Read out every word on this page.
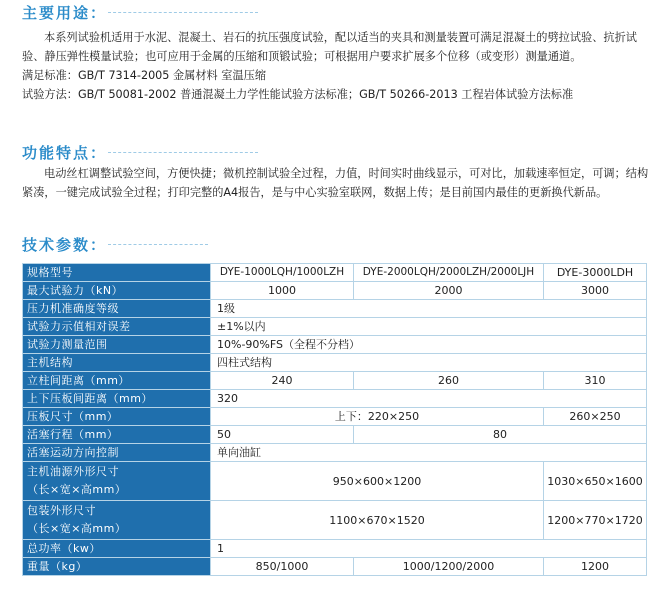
主要用途：

本系列试验机适用于水泥、混凝土、岩石的抗压强度试验，配以适当的夹具和测量装置可满足混凝土的劈拉试验、抗折试验、静压弹性模量试验；也可应用于金属的压缩和顶锻试验；可根据用户要求扩展多个位移（或变形）测量通道。

满足标准：GB/T 7314-2005 金属材料 室温压缩

试验方法：GB/T 50081-2002 普通混凝土力学性能试验方法标准；GB/T 50266-2013 工程岩体试验方法标准

功能特点：

电动丝杠调整试验空间，方便快捷；微机控制试验全过程，力值，时间实时曲线显示，可对比，加载速率恒定，可调；结构紧凑，一键完成试验全过程；打印完整的A4报告，是与中心实验室联网，数据上传；是目前国内最佳的更新换代新品。

技术参数：
规格型号	DYE-1000LQH/1000LZH	DYE-2000LQH/2000LZH/2000LJH	DYE-3000LDH
最大试验力（kN）	1000	2000	3000
压力机准确度等级	1级		
试验力示值相对误差	±1%以内		
试验力测量范围	10%-90%FS（全程不分档）		
主机结构	四柱式结构		
立柱间距离（mm）	240	260	310
上下压板间距离（mm）	320		
压板尺寸（mm）	上下：220×250		260×250
活塞行程（mm）	50	80	
活塞运动方向控制	单向油缸		

主机油源外形尺寸
（长×宽×高mm）	950×600×1200		1030×650×1600

包装外形尺寸
（长×宽×高mm）	1100×670×1520		1200×770×1720
总功率（kw）	1		
重量（kg）	850/1000	1000/1200/2000	1200
